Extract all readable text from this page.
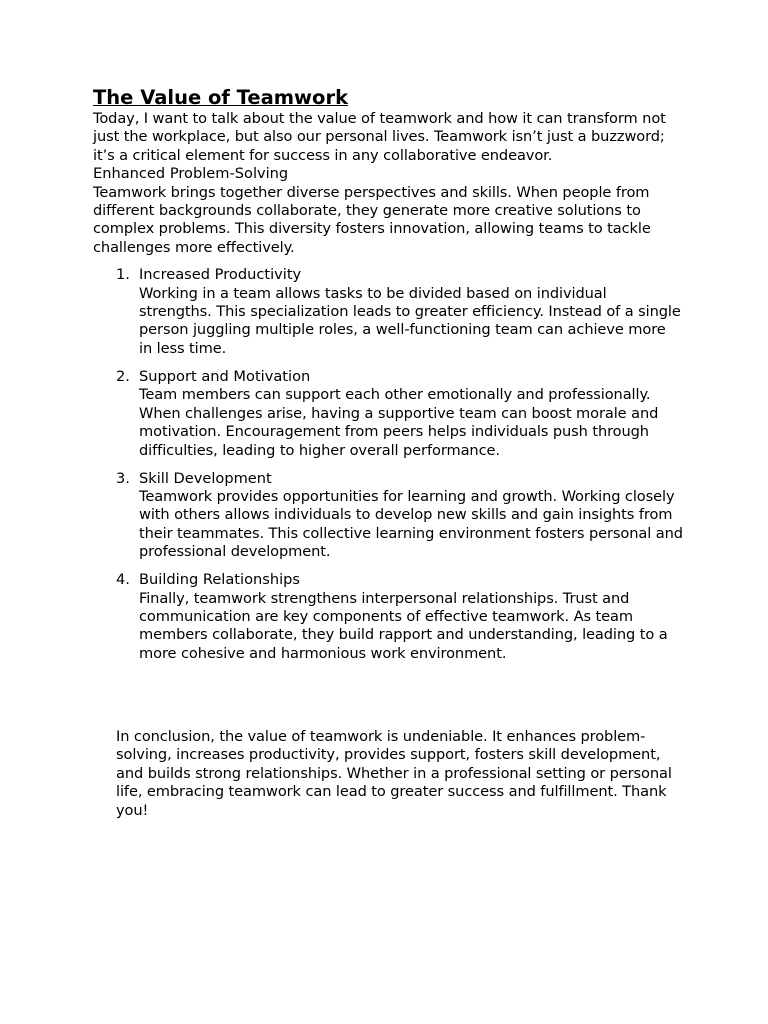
The Value of Teamwork

Today, I want to talk about the value of teamwork and how it can transform not just the workplace, but also our personal lives. Teamwork isn’t just a buzzword; it’s a critical element for success in any collaborative endeavor.

Enhanced Problem-Solving

Teamwork brings together diverse perspectives and skills. When people from different backgrounds collaborate, they generate more creative solutions to complex problems. This diversity fosters innovation, allowing teams to tackle challenges more effectively.

1. Increased Productivity

Working in a team allows tasks to be divided based on individual strengths. This specialization leads to greater efficiency. Instead of a single person juggling multiple roles, a well-functioning team can achieve more in less time.

2. Support and Motivation

Team members can support each other emotionally and professionally. When challenges arise, having a supportive team can boost morale and motivation. Encouragement from peers helps individuals push through difficulties, leading to higher overall performance.

3. Skill Development

Teamwork provides opportunities for learning and growth. Working closely with others allows individuals to develop new skills and gain insights from their teammates. This collective learning environment fosters personal and professional development.

4. Building Relationships

Finally, teamwork strengthens interpersonal relationships. Trust and communication are key components of effective teamwork. As team members collaborate, they build rapport and understanding, leading to a more cohesive and harmonious work environment.

In conclusion, the value of teamwork is undeniable. It enhances problem-solving, increases productivity, provides support, fosters skill development, and builds strong relationships. Whether in a professional setting or personal life, embracing teamwork can lead to greater success and fulfillment. Thank you!
